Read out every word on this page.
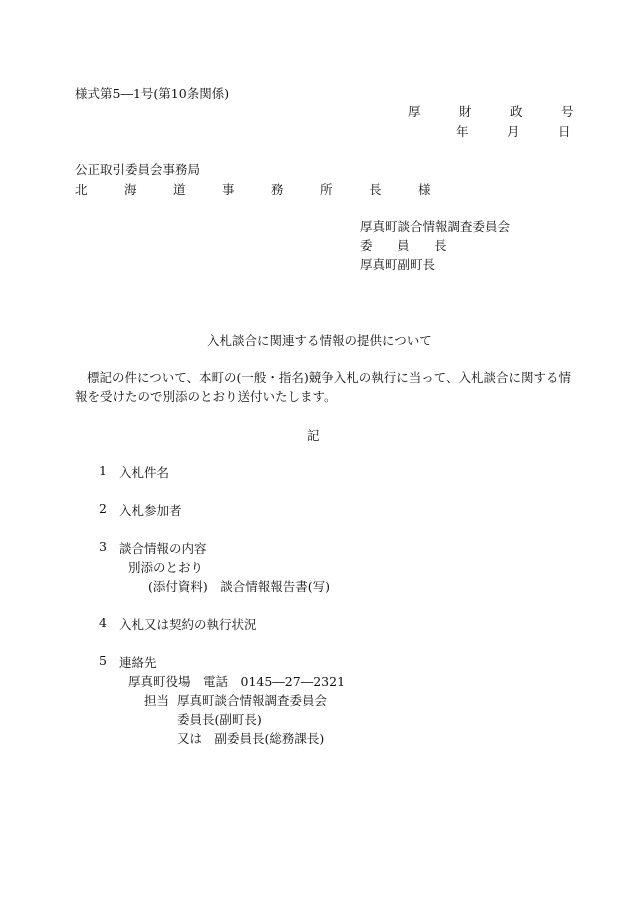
様式第5―1号(第10条関係)
厚　財　政　号
年　月　日
公正取引委員会事務局
北　海　道　事　務　所　長　様
厚真町談合情報調査委員会
委　員　長
厚真町副町長
入札談合に関連する情報の提供について
標記の件について、本町の(一般・指名)競争入札の執行に当って、入札談合に関する情
報を受けたので別添のとおり送付いたします。
記
1 入札件名
2 入札参加者
3 談合情報の内容
別添のとおり
(添付資料)　談合情報報告書(写)
4 入札又は契約の執行状況
5 連絡先
厚真町役場　電話　0145―27―2321
担当 厚真町談合情報調査委員会
委員長(副町長)
又は　副委員長(総務課長)
